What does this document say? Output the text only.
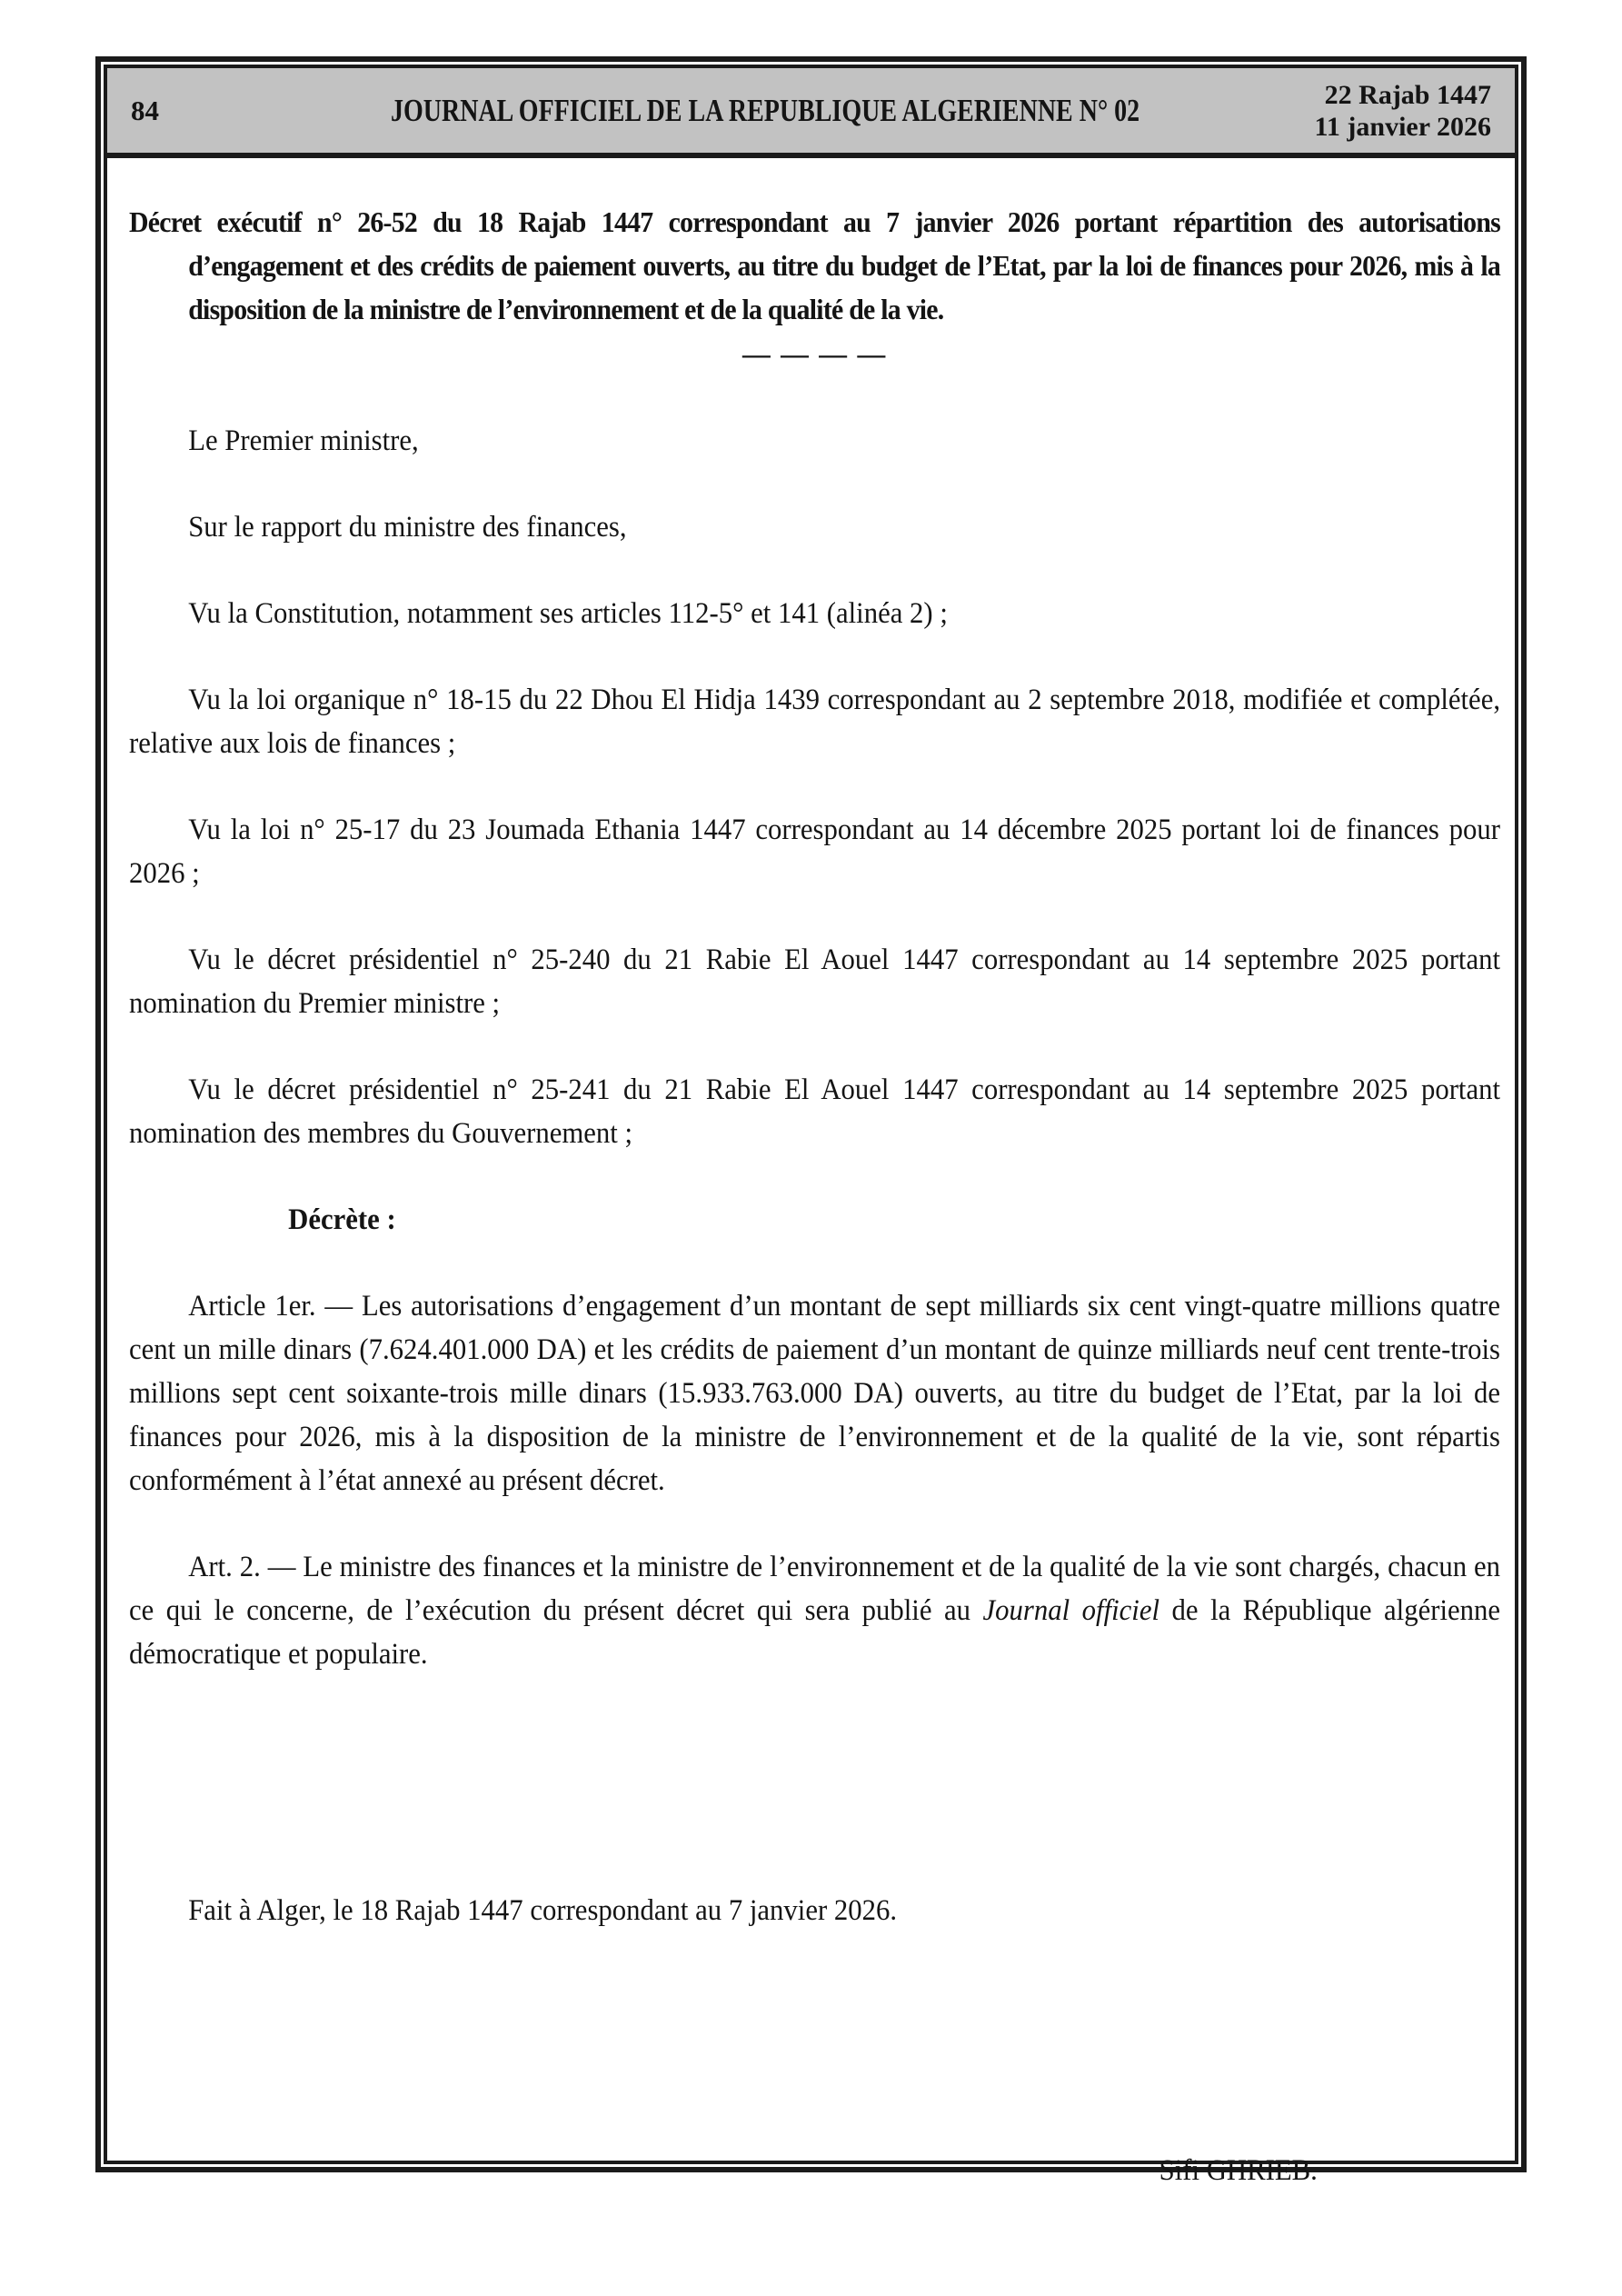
84	JOURNAL OFFICIEL DE LA REPUBLIQUE ALGERIENNE N° 02	22 Rajab 1447
11 janvier 2026

Décret exécutif n° 26-52 du 18 Rajab 1447 correspondant au 7 janvier 2026 portant répartition des autorisations d’engagement et des crédits de paiement ouverts, au titre du budget de l’Etat, par la loi de finances pour 2026, mis à la disposition de la ministre de l’environnement et de la qualité de la vie.

— — — —

Le Premier ministre,

Sur le rapport du ministre des finances,

Vu la Constitution, notamment ses articles 112-5° et 141 (alinéa 2) ;

Vu la loi organique n° 18-15 du 22 Dhou El Hidja 1439 correspondant au 2 septembre 2018, modifiée et complétée, relative aux lois de finances ;

Vu la loi n° 25-17 du 23 Joumada Ethania 1447 correspondant au 14 décembre 2025 portant loi de finances pour 2026 ;

Vu le décret présidentiel n° 25-240 du 21 Rabie El Aouel 1447 correspondant au 14 septembre 2025 portant nomination du Premier ministre ;

Vu le décret présidentiel n° 25-241 du 21 Rabie El Aouel 1447 correspondant au 14 septembre 2025 portant nomination des membres du Gouvernement ;

Décrète :

Article 1er. — Les autorisations d’engagement d’un montant de sept milliards six cent vingt-quatre millions quatre cent un mille dinars (7.624.401.000 DA) et les crédits de paiement d’un montant de quinze milliards neuf cent trente-trois millions sept cent soixante-trois mille dinars (15.933.763.000 DA) ouverts, au titre du budget de l’Etat, par la loi de finances pour 2026, mis à la disposition de la ministre de l’environnement et de la qualité de la vie, sont répartis conformément à l’état annexé au présent décret.

Art. 2. — Le ministre des finances et la ministre de l’environnement et de la qualité de la vie sont chargés, chacun en ce qui le concerne, de l’exécution du présent décret qui sera publié au Journal officiel de la République algérienne démocratique et populaire.

Fait à Alger, le 18 Rajab 1447 correspondant au 7 janvier 2026.

Sifi GHRIEB.
